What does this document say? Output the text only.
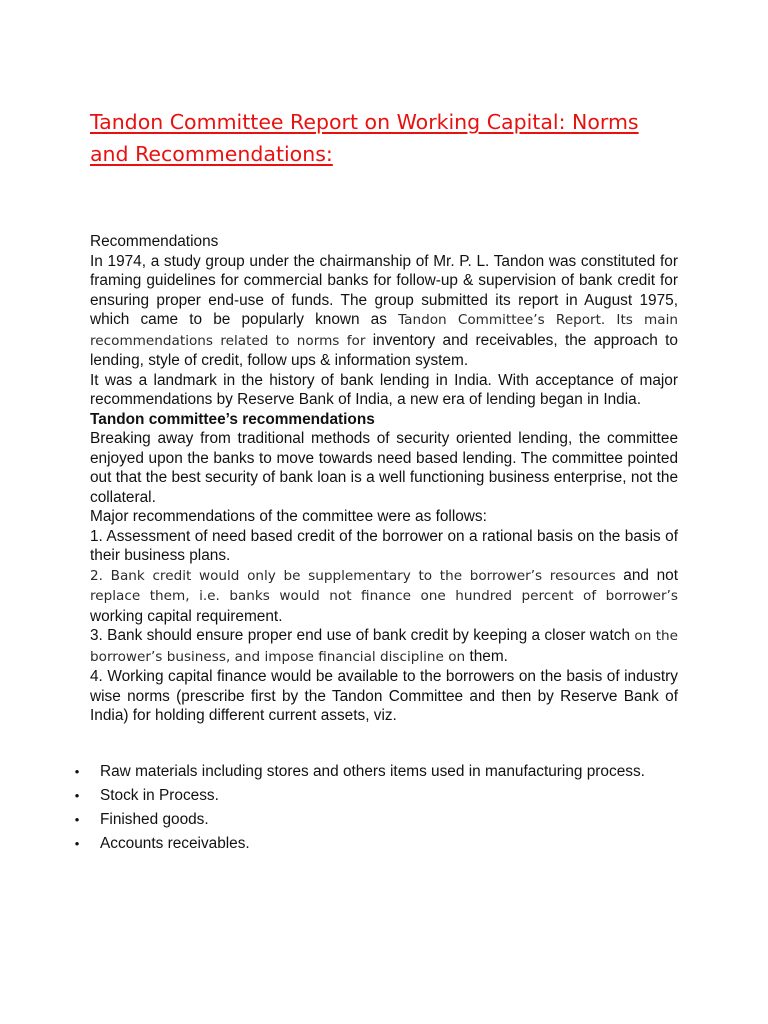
Tandon Committee Report on Working Capital: Norms and Recommendations:

Recommendations

In 1974, a study group under the chairmanship of Mr. P. L. Tandon was constituted for framing guidelines for commercial banks for follow-up & supervision of bank credit for ensuring proper end-use of funds. The group submitted its report in August 1975, which came to be popularly known as Tandon Committee’s Report. Its main recommendations related to norms for inventory and receivables, the approach to lending, style of credit, follow ups & information system.

It was a landmark in the history of bank lending in India. With acceptance of major recommendations by Reserve Bank of India, a new era of lending began in India.

Tandon committee’s recommendations

Breaking away from traditional methods of security oriented lending, the committee enjoyed upon the banks to move towards need based lending. The committee pointed out that the best security of bank loan is a well functioning business enterprise, not the collateral.

Major recommendations of the committee were as follows:

1. Assessment of need based credit of the borrower on a rational basis on the basis of their business plans.

2. Bank credit would only be supplementary to the borrower’s resources and not replace them, i.e. banks would not finance one hundred percent of borrower’s working capital requirement.

3. Bank should ensure proper end use of bank credit by keeping a closer watch on the borrower’s business, and impose financial discipline on them.

4. Working capital finance would be available to the borrowers on the basis of industry wise norms (prescribe first by the Tandon Committee and then by Reserve Bank of India) for holding different current assets, viz.

• Raw materials including stores and others items used in manufacturing process.
• Stock in Process.
• Finished goods.
• Accounts receivables.
